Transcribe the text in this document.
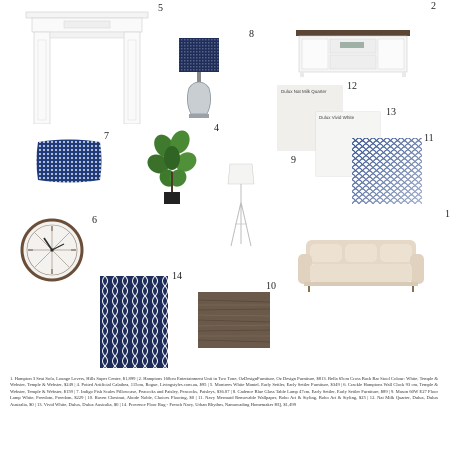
5	2
8
Dulux Nat Milk Quarter 12
Dulux Vivid White	13
11
9
7
4
6
1
14
10
1. Hampton 3 Seat Sofa, Lounge Lovers, Hills Super Centre, $1,899 | 2. Hamptons 160cm Entertainment Unit in Two Tone, OzDesignFurniture, Oz Design Furniture, $813. Bella 65cm Cross Back Bar Stool Colour: White, Temple & Webster, Temple & Webster, $249 | 4. Potted Artificial Calathea, 115cm, Rogue, Livingstyles.com.au, $95 | 5. Montrees White Mantel, Early Settler, Early Settler Furniture, $349 | 6. Crackle Hamptons Wall Clock 93 cm, Temple & Webster, Temple & Webster, $159 | 7. Indigo Fish Scales Pillowcase, Peacocks and Paisley, Peacocks, Paisleys, $36.07 | 8. Cadence Blue Glass Table Lamp 47cm, Early Settler, Early Settler Furniture, $89 | 9. Mason 60W E27 Floor Lamp White, Freedom, Freedom, $229 | 10. Raven Chestnut, Abode Noble, Choices Flooring, $0 | 11. Navy Mermaid Removable Wallpaper, Boho Art & Styling, Boho Art & Styling, $25 | 12. Nat Milk Quarter, Dulux, Dulux Australia, $0 | 13. Vivid White, Dulux, Dulux Australia, $0 | 14. Provence Floor Rug - French Navy, Urban Rhythm, Namawading Homemaker HQ, $1,499
